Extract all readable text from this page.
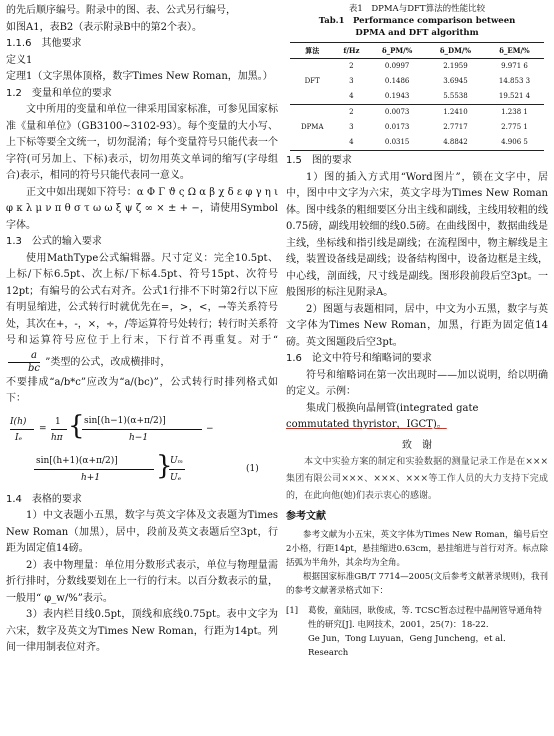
的先后顺序编号。附录中的图、表、公式另行编号，

如图A1，表B2（表示附录B中的第2个表）。

1.1.6　其他要求

定义1

定理1（文字黑体顶格，数字Times New Roman，加黑。）

1.2　变量和单位的要求

文中所用的变量和单位一律采用国家标准，可参见国家标准《量和单位》（GB3100~3102-93）。每个变量的大小写、上下标等要全文统一，切勿混淆；每个变量符号只能代表一个字符(可另加上、下标)表示，切勿用英文单词的缩写(字母组合)表示，相同的符号只能代表同一意义。

正文中如出现如下符号：α Φ Γ ϑ ς Ω α β χ δ ε φ γ η ι φ κ λ μ ν π θ σ τ ω ω ξ ψ ζ ∞ × ± + −，请使用Symbol字体。

1.3　公式的输入要求

使用MathType公式编辑器。尺寸定义：完全10.5pt、上标/下标6.5pt、次上标/下标4.5pt、符号15pt、次符号12pt；有编号的公式右对齐。公式1行排不下时第2行以下应有明显缩进，公式转行时就优先在=，>，<，→等关系符号处，其次在+，-，×，÷，/等运算符号处转行；转行时关系符号和运算符号应位于上行末，下行首不再重复。对于“
$\frac{a}{bc}$ ”类型的公式，改成横排时，

不要排成“a/b*c”应改为“a/(bc)”，公式转行时排列格式如下：

I(h)
Iₑ
=
1
hπ { sin[(h−1)(α+π/2)]
h−1
−
sin[(h+1)(α+π/2)]
h+1 }
Uₘ
Uₑ
(1)

1.4　表格的要求

1）中文表题小五黑，数字与英文字体及文表题为Times New Roman（加黑），居中，段前及英文表题后空3pt，行距为固定值14磅。

2）表中物理量：单位用分数形式表示，单位与物理量需折行排时，分数线要划在上一行的行末。以百分数表示的量，一般用“ φ_w/%”表示。

3）表内栏目线0.5pt，顶线和底线0.75pt。表中文字为六宋，数字及英文为Times New Roman，行距为14pt。列间一律用制表位对齐。

表1　DPMA与DFT算法的性能比较

Tab.1　Performance comparison between

DPMA and DFT algorithm

算法	f/Hz	δ_PM/%	δ_DM/%	δ_EM/%
	2	0.0997	2.1959	9.971 6
DFT	3	0.1486	3.6945	14.853 3
	4	0.1943	5.5538	19.521 4
	2	0.0073	1.2410	1.238 1
DPMA	3	0.0173	2.7717	2.775 1
	4	0.0315	4.8842	4.906 5

1.5　图的要求

1）图的插入方式用“Word图片”，锁在文字中，居中，图中中文字为六宋，英文字母为Times New Roman体。图中线条的粗细要区分出主线和副线，主线用较粗的线0.75磅，副线用较细的线0.5磅。在曲线图中，数据曲线是主线，坐标线和指引线是副线；在流程图中，物主解线是主线，装置设备线是副线；设备结构图中，设备边框是主线，中心线，剖面线，尺寸线是副线。图形段前段后空3pt。一般图形的标注见附录A。

2）图题与表题相同，居中，中文为小五黑，数字与英文字体为Times New Roman，加黑，行距为固定值14磅。英文图题段后空3pt。

1.6　论文中符号和缩略词的要求

符号和缩略词在第一次出现时——加以说明，给以明确的定义。示例：

集成门极换向晶闸管(integrated gate

commutated thyristor，IGCT)。

致　谢

本文中实验方案的制定和实验数据的测量记录工作是在×××集团有限公司×××、×××、×××等工作人员的大力支持下完成的，在此向他(她)们表示衷心的感谢。

参考文献

参考文献为小五宋，英文字体为Times New Roman，编号后空2小格，行距14pt，悬挂缩进0.63cm，悬挂缩进与首行对齐。标点除括弧为半角外，其余均为全角。

根据国家标准GB/T 7714—2005(文后参考文献著录规则)，我刊的参考文献著录格式如下：

[1] 葛俊，童陆园，耿俊成，等. TCSC暂态过程中晶闸管导通角特性的研究[J]. 电网技术，2001，25(7)：18-22.
Ge Jun，Tong Luyuan，Geng Juncheng，et al．Research
